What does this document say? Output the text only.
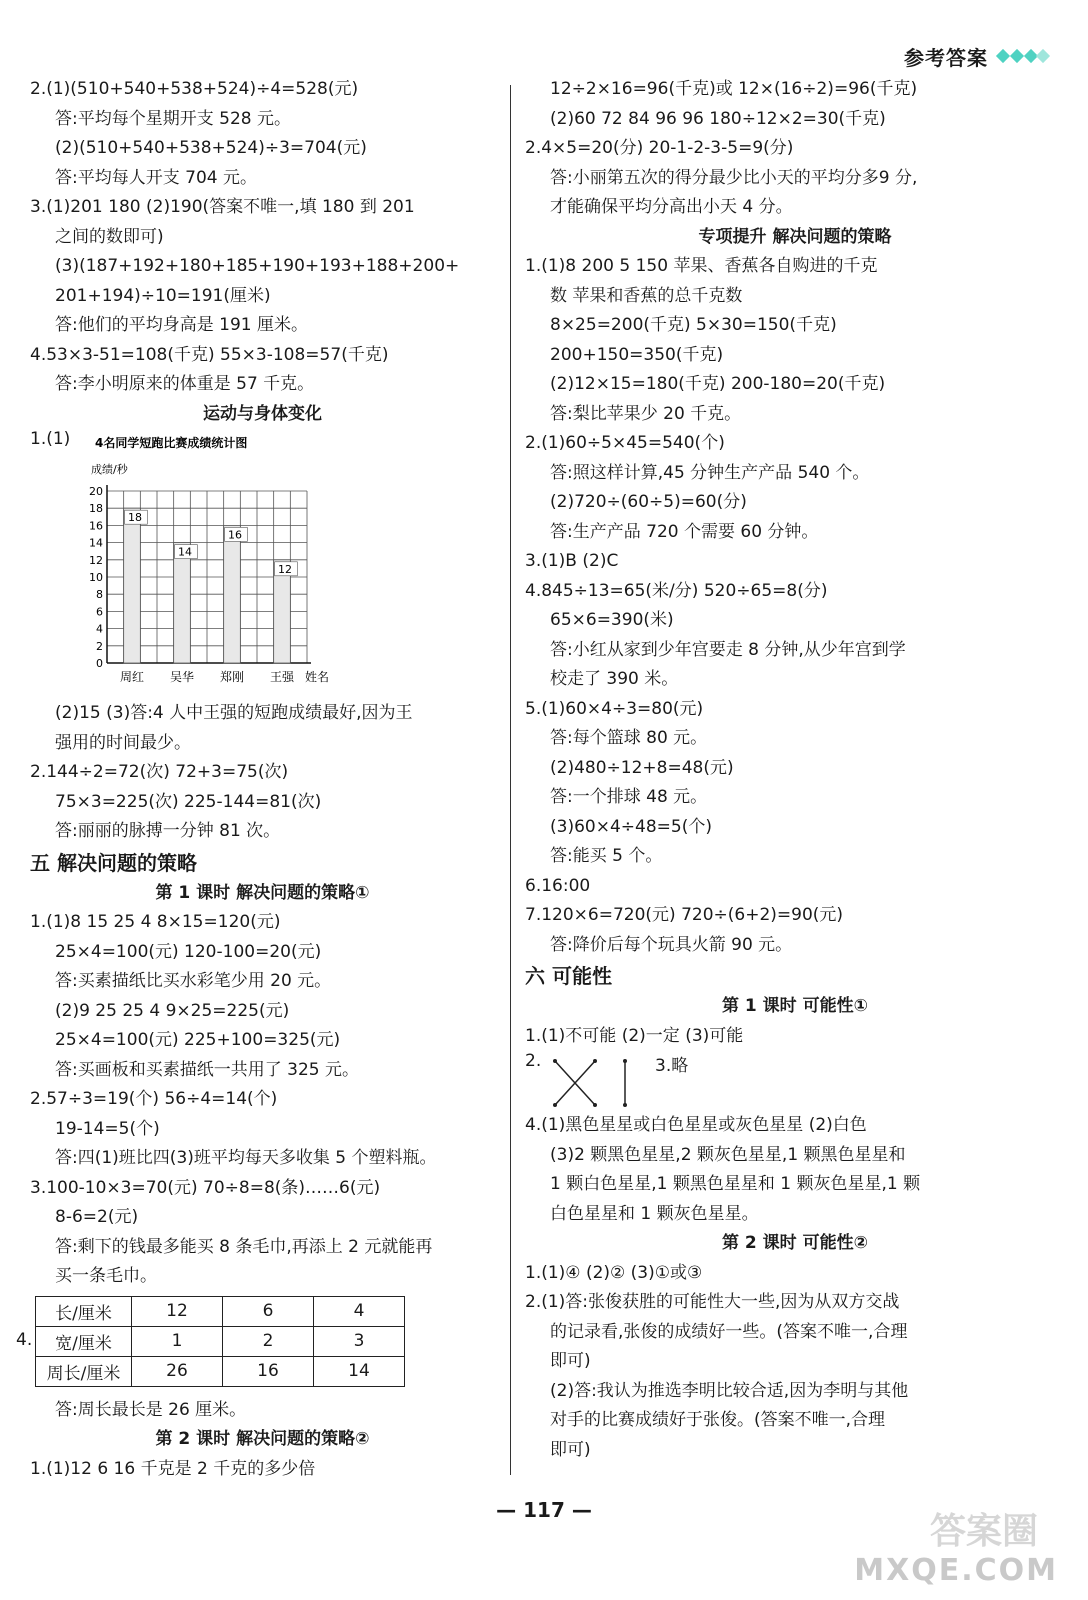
参考答案
2.(1)(510+540+538+524)÷4=528(元)
答:平均每个星期开支 528 元。
(2)(510+540+538+524)÷3=704(元)
答:平均每人开支 704 元。
3.(1)201 180 (2)190(答案不唯一,填 180 到 201
之间的数即可)
(3)(187+192+180+185+190+193+188+200+
201+194)÷10=191(厘米)
答:他们的平均身高是 191 厘米。
4.53×3-51=108(千克) 55×3-108=57(千克)
答:李小明原来的体重是 57 千克。
运动与身体变化
1.(1) 4名同学短跑比赛成绩统计图
成绩/秒
0
2
4
6
8
10
12
14
16
18
20
18
周红
14
吴华
16
郑刚
12
王强 姓名
(2)15 (3)答:4 人中王强的短跑成绩最好,因为王
强用的时间最少。
2.144÷2=72(次) 72+3=75(次)
75×3=225(次) 225-144=81(次)
答:丽丽的脉搏一分钟 81 次。
五 解决问题的策略
第 1 课时 解决问题的策略①
1.(1)8 15 25 4 8×15=120(元)
25×4=100(元) 120-100=20(元)
答:买素描纸比买水彩笔少用 20 元。
(2)9 25 25 4 9×25=225(元)
25×4=100(元) 225+100=325(元)
答:买画板和买素描纸一共用了 325 元。
2.57÷3=19(个) 56÷4=14(个)
19-14=5(个)
答:四(1)班比四(3)班平均每天多收集 5 个塑料瓶。
3.100-10×3=70(元) 70÷8=8(条)……6(元)
8-6=2(元)
答:剩下的钱最多能买 8 条毛巾,再添上 2 元就能再
买一条毛巾。
4.
长/厘米	12	6	4
宽/厘米	1	2	3
周长/厘米	26	16	14
答:周长最长是 26 厘米。
第 2 课时 解决问题的策略②
1.(1)12 6 16 千克是 2 千克的多少倍
12÷2×16=96(千克)或 12×(16÷2)=96(千克)
(2)60 72 84 96 96 180÷12×2=30(千克)
2.4×5=20(分) 20-1-2-3-5=9(分)
答:小丽第五次的得分最少比小天的平均分多9 分,
才能确保平均分高出小天 4 分。
专项提升 解决问题的策略
1.(1)8 200 5 150 苹果、香蕉各自购进的千克
数 苹果和香蕉的总千克数
8×25=200(千克) 5×30=150(千克)
200+150=350(千克)
(2)12×15=180(千克) 200-180=20(千克)
答:梨比苹果少 20 千克。
2.(1)60÷5×45=540(个)
答:照这样计算,45 分钟生产产品 540 个。
(2)720÷(60÷5)=60(分)
答:生产产品 720 个需要 60 分钟。
3.(1)B (2)C
4.845÷13=65(米/分) 520÷65=8(分)
65×6=390(米)
答:小红从家到少年宫要走 8 分钟,从少年宫到学
校走了 390 米。
5.(1)60×4÷3=80(元)
答:每个篮球 80 元。
(2)480÷12+8=48(元)
答:一个排球 48 元。
(3)60×4÷48=5(个)
答:能买 5 个。
6.16:00
7.120×6=720(元) 720÷(6+2)=90(元)
答:降价后每个玩具火箭 90 元。
六 可能性
第 1 课时 可能性①
1.(1)不可能 (2)一定 (3)可能
2.	3.略
4.(1)黑色星星或白色星星或灰色星星 (2)白色
(3)2 颗黑色星星,2 颗灰色星星,1 颗黑色星星和
1 颗白色星星,1 颗黑色星星和 1 颗灰色星星,1 颗
白色星星和 1 颗灰色星星。
第 2 课时 可能性②
1.(1)④ (2)② (3)①或③
2.(1)答:张俊获胜的可能性大一些,因为从双方交战
的记录看,张俊的成绩好一些。(答案不唯一,合理
即可)
(2)答:我认为推选李明比较合适,因为李明与其他
对手的比赛成绩好于张俊。(答案不唯一,合理
即可)
— 117 —
答案圈
MXQE.COM
